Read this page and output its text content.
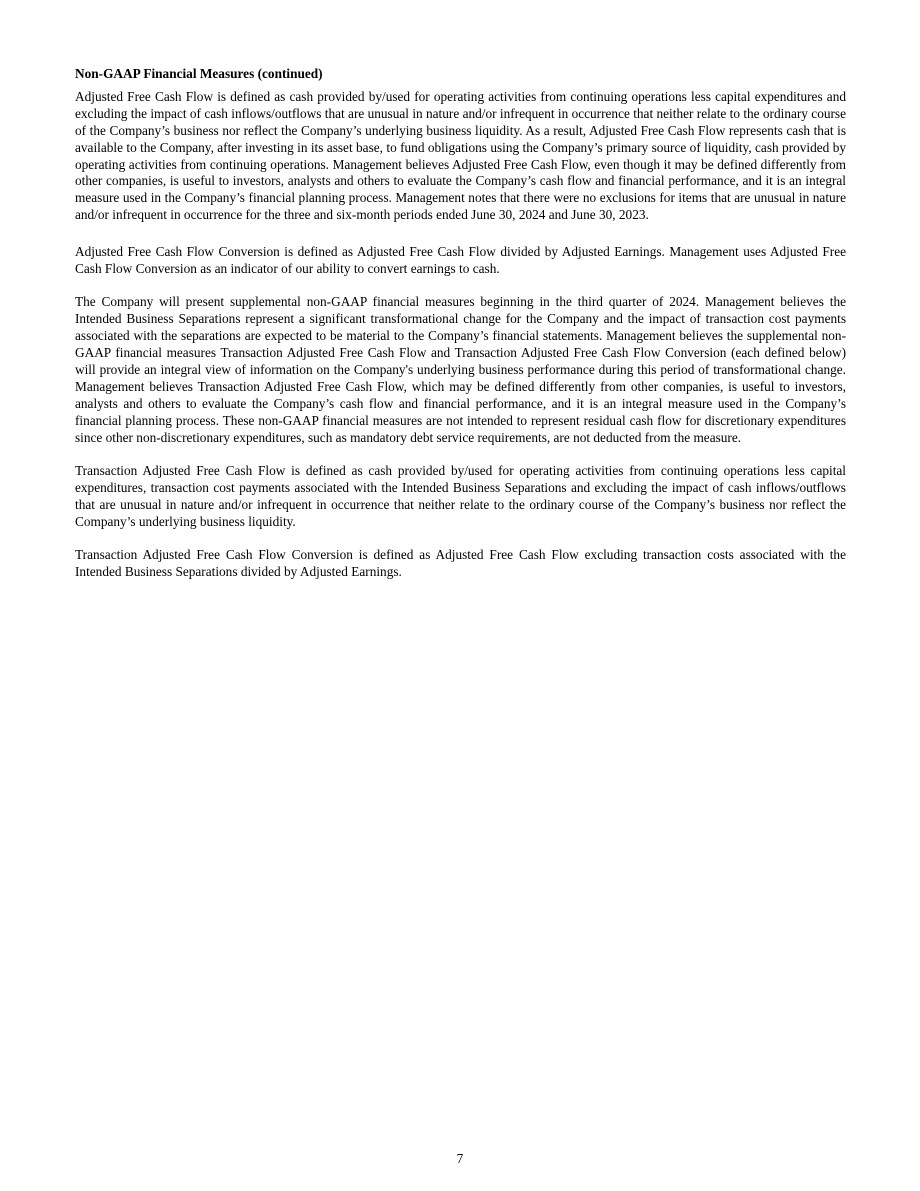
Non-GAAP Financial Measures (continued)

Adjusted Free Cash Flow is defined as cash provided by/used for operating activities from continuing operations less capital expenditures and excluding the impact of cash inflows/outflows that are unusual in nature and/or infrequent in occurrence that neither relate to the ordinary course of the Company’s business nor reflect the Company’s underlying business liquidity. As a result, Adjusted Free Cash Flow represents cash that is available to the Company, after investing in its asset base, to fund obligations using the Company’s primary source of liquidity, cash provided by operating activities from continuing operations. Management believes Adjusted Free Cash Flow, even though it may be defined differently from other companies, is useful to investors, analysts and others to evaluate the Company’s cash flow and financial performance, and it is an integral measure used in the Company’s financial planning process. Management notes that there were no exclusions for items that are unusual in nature and/or infrequent in occurrence for the three and six-month periods ended June 30, 2024 and June 30, 2023.

Adjusted Free Cash Flow Conversion is defined as Adjusted Free Cash Flow divided by Adjusted Earnings. Management uses Adjusted Free Cash Flow Conversion as an indicator of our ability to convert earnings to cash.

The Company will present supplemental non-GAAP financial measures beginning in the third quarter of 2024. Management believes the Intended Business Separations represent a significant transformational change for the Company and the impact of transaction cost payments associated with the separations are expected to be material to the Company’s financial statements. Management believes the supplemental non-GAAP financial measures Transaction Adjusted Free Cash Flow and Transaction Adjusted Free Cash Flow Conversion (each defined below) will provide an integral view of information on the Company's underlying business performance during this period of transformational change. Management believes Transaction Adjusted Free Cash Flow, which may be defined differently from other companies, is useful to investors, analysts and others to evaluate the Company’s cash flow and financial performance, and it is an integral measure used in the Company’s financial planning process. These non-GAAP financial measures are not intended to represent residual cash flow for discretionary expenditures since other non-discretionary expenditures, such as mandatory debt service requirements, are not deducted from the measure.

Transaction Adjusted Free Cash Flow is defined as cash provided by/used for operating activities from continuing operations less capital expenditures, transaction cost payments associated with the Intended Business Separations and excluding the impact of cash inflows/outflows that are unusual in nature and/or infrequent in occurrence that neither relate to the ordinary course of the Company’s business nor reflect the Company’s underlying business liquidity.

Transaction Adjusted Free Cash Flow Conversion is defined as Adjusted Free Cash Flow excluding transaction costs associated with the Intended Business Separations divided by Adjusted Earnings.

7
